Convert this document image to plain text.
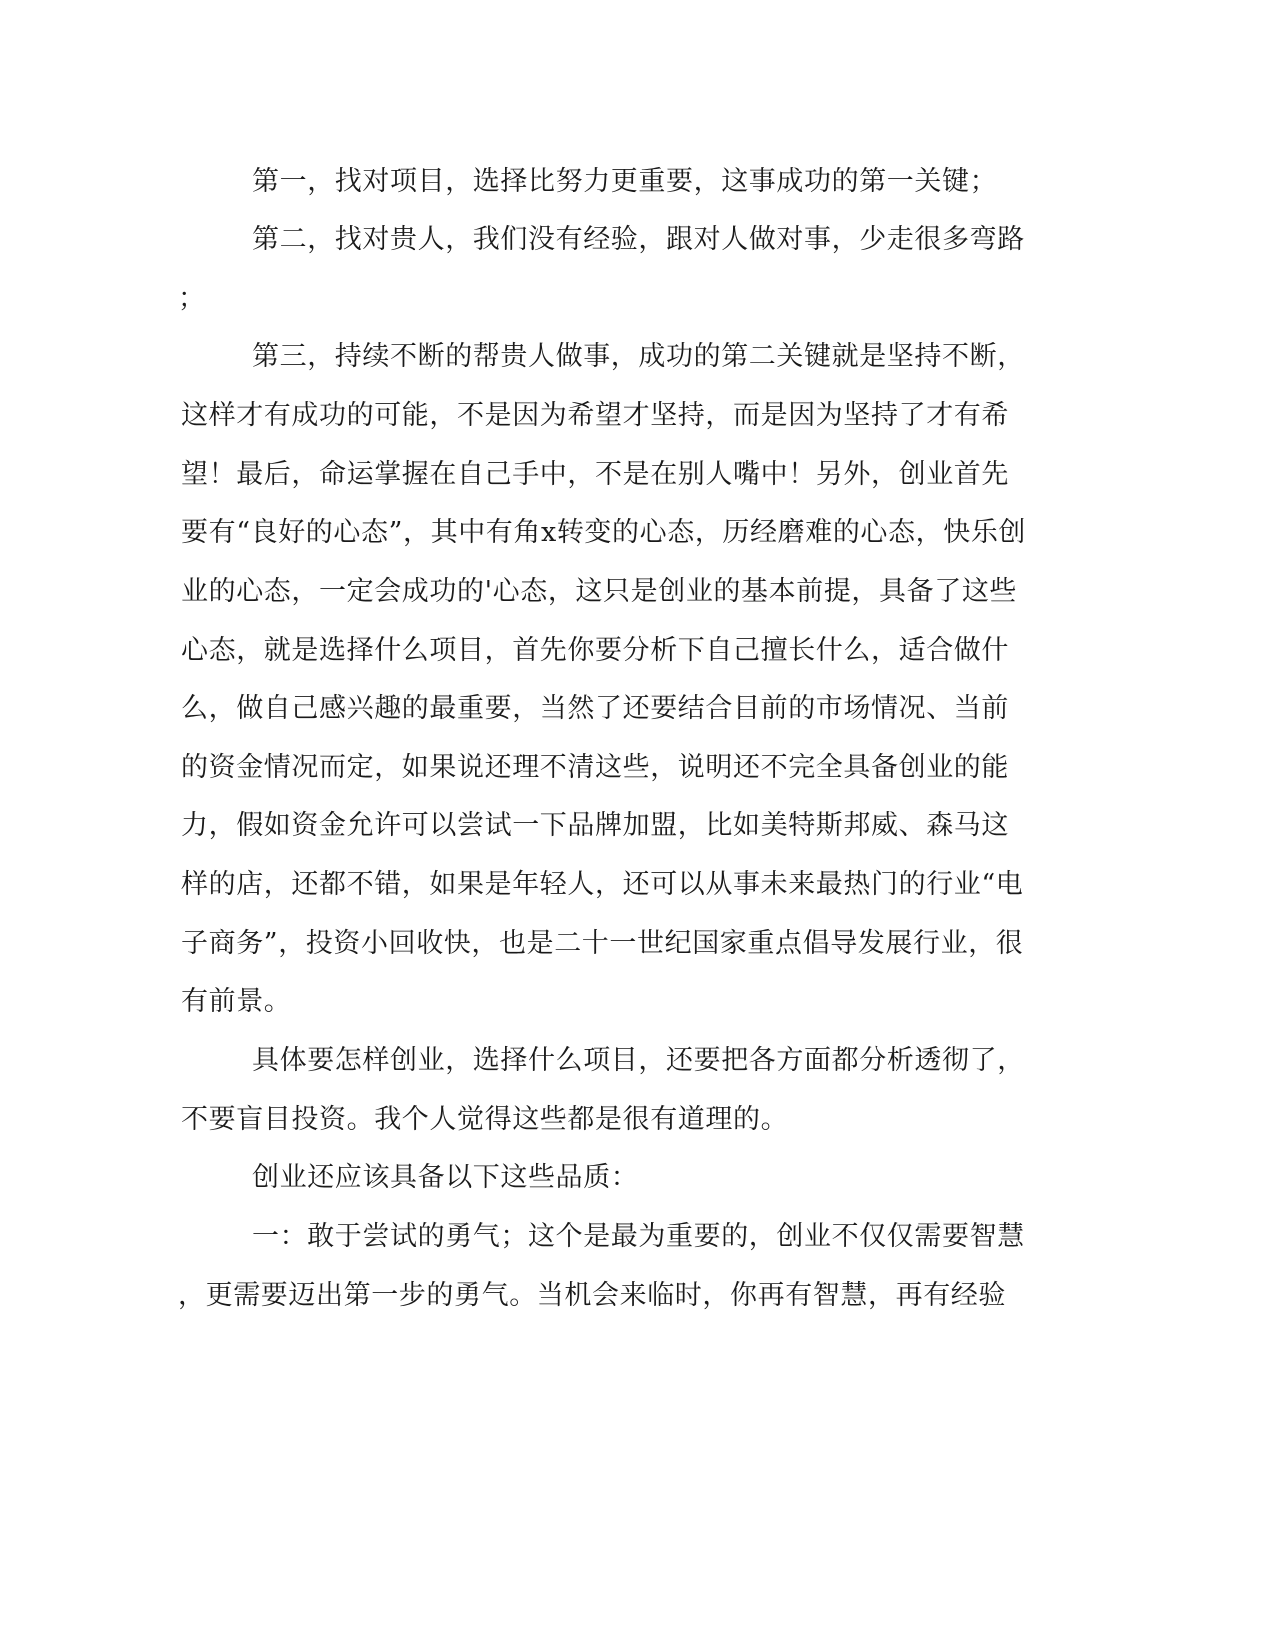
第一，找对项目，选择比努力更重要，这事成功的第一关键；
第二，找对贵人，我们没有经验，跟对人做对事，少走很多弯路
；
第三，持续不断的帮贵人做事，成功的第二关键就是坚持不断，
这样才有成功的可能，不是因为希望才坚持，而是因为坚持了才有希
望！最后，命运掌握在自己手中，不是在别人嘴中！另外，创业首先
要有“良好的心态”，其中有角x转变的心态，历经磨难的心态，快乐创
业的心态，一定会成功的'心态，这只是创业的基本前提，具备了这些
心态，就是选择什么项目，首先你要分析下自己擅长什么，适合做什
么，做自己感兴趣的最重要，当然了还要结合目前的市场情况、当前
的资金情况而定，如果说还理不清这些，说明还不完全具备创业的能
力，假如资金允许可以尝试一下品牌加盟，比如美特斯邦威、森马这
样的店，还都不错，如果是年轻人，还可以从事未来最热门的行业“电
子商务”，投资小回收快，也是二十一世纪国家重点倡导发展行业，很
有前景。
具体要怎样创业，选择什么项目，还要把各方面都分析透彻了，
不要盲目投资。我个人觉得这些都是很有道理的。
创业还应该具备以下这些品质：
一：敢于尝试的勇气；这个是最为重要的，创业不仅仅需要智慧
，更需要迈出第一步的勇气。当机会来临时，你再有智慧，再有经验
